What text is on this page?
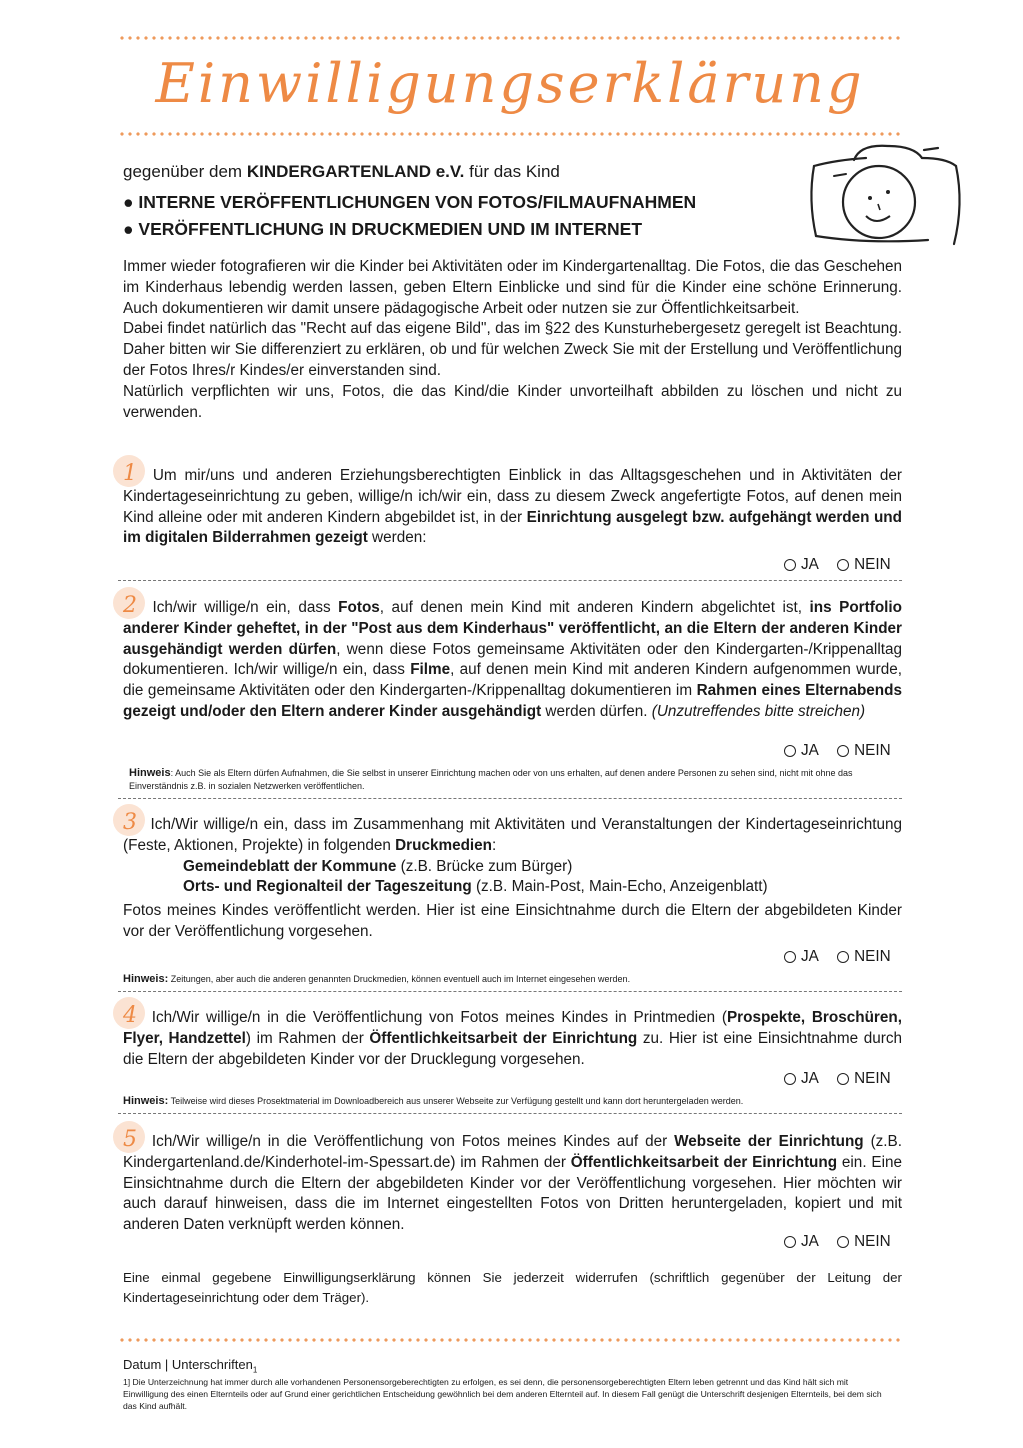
Einwilligungserklärung
gegenüber dem KINDERGARTENLAND e.V. für das Kind
● INTERNE VERÖFFENTLICHUNGEN VON FOTOS/FILMAUFNAHMEN
● VERÖFFENTLICHUNG IN DRUCKMEDIEN UND IM INTERNET

Immer wieder fotografieren wir die Kinder bei Aktivitäten oder im Kindergartenalltag. Die Fotos, die das Geschehen im Kinderhaus lebendig werden lassen, geben Eltern Einblicke und sind für die Kinder eine schöne Erinnerung. Auch dokumentieren wir damit unsere pädagogische Arbeit oder nutzen sie zur Öffentlichkeitsarbeit.

Dabei findet natürlich das "Recht auf das eigene Bild", das im §22 des Kunsturhebergesetz geregelt ist Beachtung. Daher bitten wir Sie differenziert zu erklären, ob und für welchen Zweck Sie mit der Erstellung und Veröffentlichung der Fotos Ihres/r Kindes/er einverstanden sind.

Natürlich verpflichten wir uns, Fotos, die das Kind/die Kinder unvorteilhaft abbilden zu löschen und nicht zu verwenden.

1 Um mir/uns und anderen Erziehungsberechtigten Einblick in das Alltagsgeschehen und in Aktivitäten der Kindertageseinrichtung zu geben, willige/n ich/wir ein, dass zu diesem Zweck angefertigte Fotos, auf denen mein Kind alleine oder mit anderen Kindern abgebildet ist, in der Einrichtung ausgelegt bzw. aufgehängt werden und im digitalen Bilderrahmen gezeigt werden:
JA
NEIN
2 Ich/wir willige/n ein, dass Fotos, auf denen mein Kind mit anderen Kindern abgelichtet ist, ins Portfolio anderer Kinder geheftet, in der "Post aus dem Kinderhaus" veröffentlicht, an die Eltern der anderen Kinder ausgehändigt werden dürfen, wenn diese Fotos gemeinsame Aktivitäten oder den Kindergarten-/Krippenalltag dokumentieren. Ich/wir willige/n ein, dass Filme, auf denen mein Kind mit anderen Kindern aufgenommen wurde, die gemeinsame Aktivitäten oder den Kindergarten-/Krippenalltag dokumentieren im Rahmen eines Elternabends gezeigt und/oder den Eltern anderer Kinder ausgehändigt werden dürfen. (Unzutreffendes bitte streichen)
JA
NEIN
Hinweis: Auch Sie als Eltern dürfen Aufnahmen, die Sie selbst in unserer Einrichtung machen oder von uns erhalten, auf denen andere Personen zu sehen sind, nicht mit ohne das Einverständnis z.B. in sozialen Netzwerken veröffentlichen.
3 Ich/Wir willige/n ein, dass im Zusammenhang mit Aktivitäten und Veranstaltungen der Kindertageseinrichtung (Feste, Aktionen, Projekte) in folgenden Druckmedien:
Gemeindeblatt der Kommune (z.B. Brücke zum Bürger)
Orts- und Regionalteil der Tageszeitung (z.B. Main-Post, Main-Echo, Anzeigenblatt)
Fotos meines Kindes veröffentlicht werden. Hier ist eine Einsichtnahme durch die Eltern der abgebildeten Kinder vor der Veröffentlichung vorgesehen.
JA
NEIN
Hinweis: Zeitungen, aber auch die anderen genannten Druckmedien, können eventuell auch im Internet eingesehen werden.
4 Ich/Wir willige/n in die Veröffentlichung von Fotos meines Kindes in Printmedien (Prospekte, Broschüren, Flyer, Handzettel) im Rahmen der Öffentlichkeitsarbeit der Einrichtung zu. Hier ist eine Einsichtnahme durch die Eltern der abgebildeten Kinder vor der Drucklegung vorgesehen.
JA
NEIN
Hinweis: Teilweise wird dieses Prosektmaterial im Downloadbereich aus unserer Webseite zur Verfügung gestellt und kann dort heruntergeladen werden.
5 Ich/Wir willige/n in die Veröffentlichung von Fotos meines Kindes auf der Webseite der Einrichtung (z.B. Kindergartenland.de/Kinderhotel-im-Spessart.de) im Rahmen der Öffentlichkeitsarbeit der Einrichtung ein. Eine Einsichtnahme durch die Eltern der abgebildeten Kinder vor der Veröffentlichung vorgesehen. Hier möchten wir auch darauf hinweisen, dass die im Internet eingestellten Fotos von Dritten heruntergeladen, kopiert und mit anderen Daten verknüpft werden können.
JA
NEIN
Eine einmal gegebene Einwilligungserklärung können Sie jederzeit widerrufen (schriftlich gegenüber der Leitung der Kindertageseinrichtung oder dem Träger).
Datum | Unterschriften$_1$
1] Die Unterzeichnung hat immer durch alle vorhandenen Personensorgeberechtigten zu erfolgen, es sei denn, die personensorgeberechtigten Eltern leben getrennt und das Kind hält sich mit Einwilligung des einen Elternteils oder auf Grund einer gerichtlichen Entscheidung gewöhnlich bei dem anderen Elternteil auf. In diesem Fall genügt die Unterschrift desjenigen Elternteils, bei dem sich das Kind aufhält.
